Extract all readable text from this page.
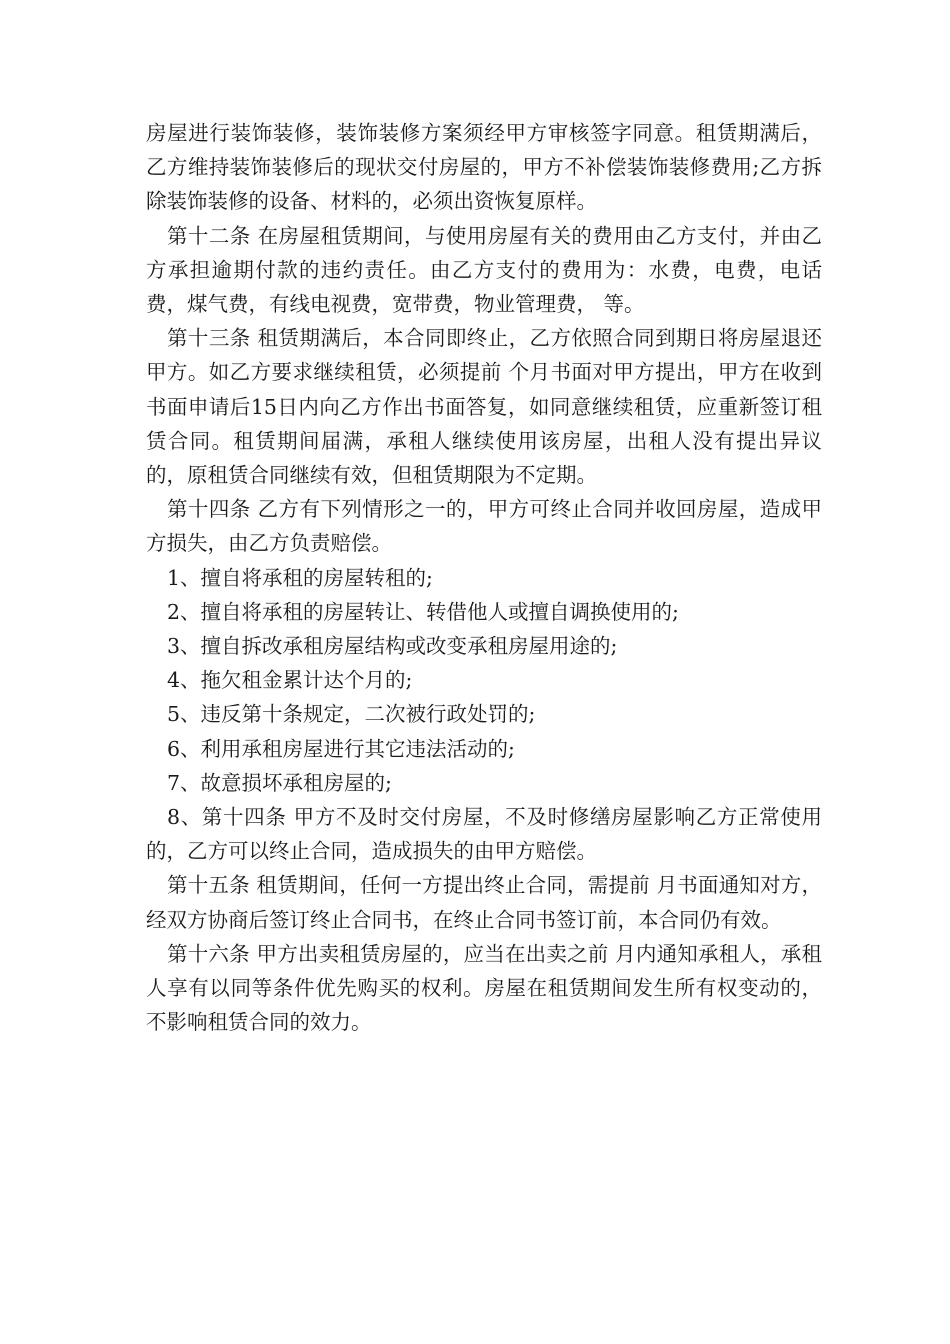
房屋进行装饰装修，装饰装修方案须经甲方审核签字同意。租赁期满后，乙方维持装饰装修后的现状交付房屋的，甲方不补偿装饰装修费用;乙方拆除装饰装修的设备、材料的，必须出资恢复原样。

第十二条 在房屋租赁期间，与使用房屋有关的费用由乙方支付，并由乙方承担逾期付款的违约责任。由乙方支付的费用为：水费，电费，电话费，煤气费，有线电视费，宽带费，物业管理费， 等。

第十三条 租赁期满后，本合同即终止，乙方依照合同到期日将房屋退还甲方。如乙方要求继续租赁，必须提前 个月书面对甲方提出，甲方在收到书面申请后15日内向乙方作出书面答复，如同意继续租赁，应重新签订租赁合同。租赁期间届满，承租人继续使用该房屋，出租人没有提出异议的，原租赁合同继续有效，但租赁期限为不定期。

第十四条 乙方有下列情形之一的，甲方可终止合同并收回房屋，造成甲方损失，由乙方负责赔偿。

1、擅自将承租的房屋转租的;

2、擅自将承租的房屋转让、转借他人或擅自调换使用的;

3、擅自拆改承租房屋结构或改变承租房屋用途的;

4、拖欠租金累计达个月的;

5、违反第十条规定，二次被行政处罚的;

6、利用承租房屋进行其它违法活动的;

7、故意损坏承租房屋的;

8、第十四条 甲方不及时交付房屋，不及时修缮房屋影响乙方正常使用的，乙方可以终止合同，造成损失的由甲方赔偿。

第十五条 租赁期间，任何一方提出终止合同，需提前 月书面通知对方，经双方协商后签订终止合同书，在终止合同书签订前，本合同仍有效。

第十六条 甲方出卖租赁房屋的，应当在出卖之前 月内通知承租人，承租人享有以同等条件优先购买的权利。房屋在租赁期间发生所有权变动的，不影响租赁合同的效力。
